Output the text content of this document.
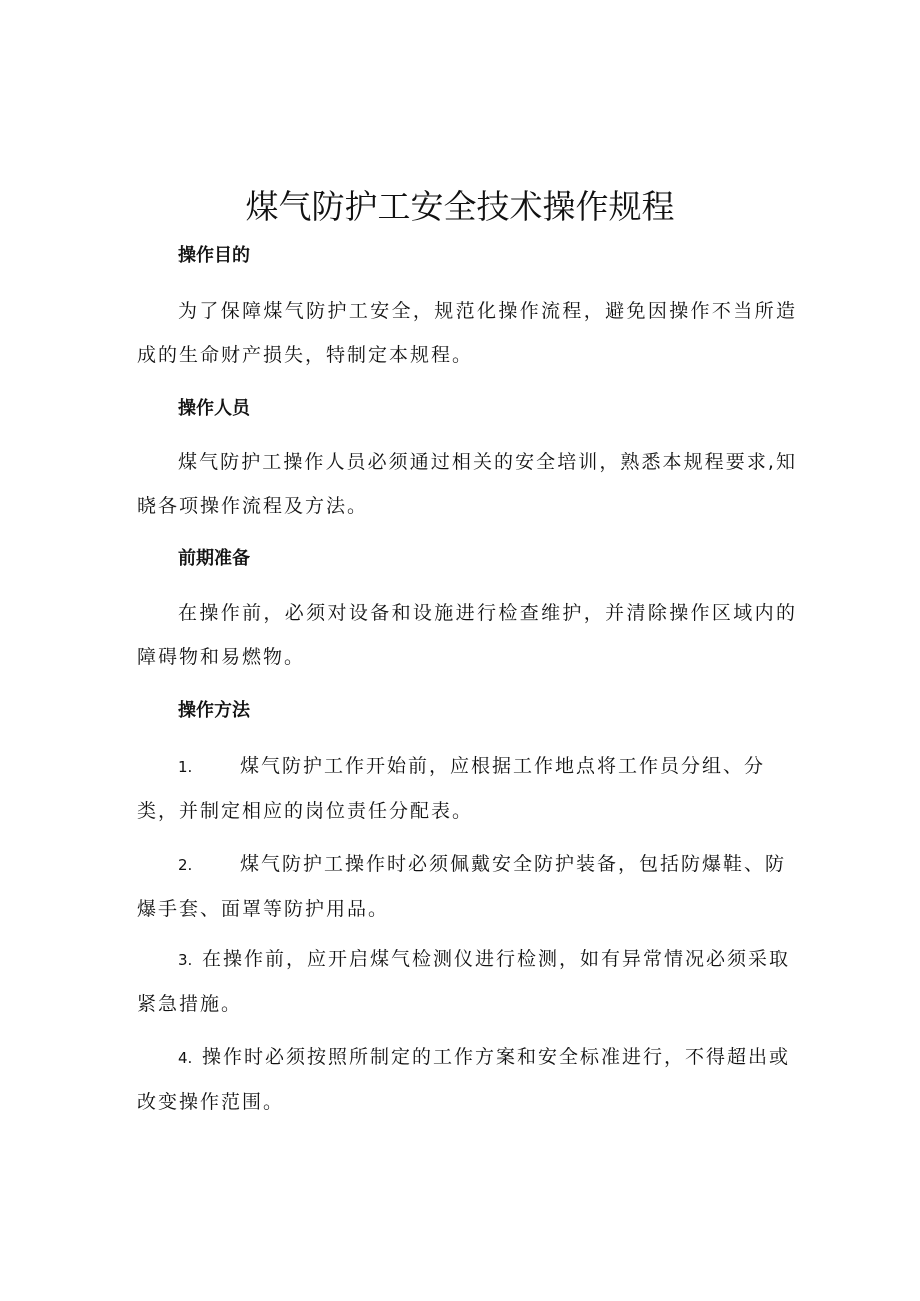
煤气防护工安全技术操作规程
操作目的

为了保障煤气防护工安全，规范化操作流程，避免因操作不当所造成的生命财产损失，特制定本规程。

操作人员

煤气防护工操作人员必须通过相关的安全培训，熟悉本规程要求,知晓各项操作流程及方法。

前期准备

在操作前，必须对设备和设施进行检查维护，并清除操作区域内的障碍物和易燃物。

操作方法

1.	煤气防护工作开始前，应根据工作地点将工作员分组、分类，并制定相应的岗位责任分配表。

2.	煤气防护工操作时必须佩戴安全防护装备，包括防爆鞋、防爆手套、面罩等防护用品。

3. 在操作前，应开启煤气检测仪进行检测，如有异常情况必须采取紧急措施。

4. 操作时必须按照所制定的工作方案和安全标准进行，不得超出或改变操作范围。
